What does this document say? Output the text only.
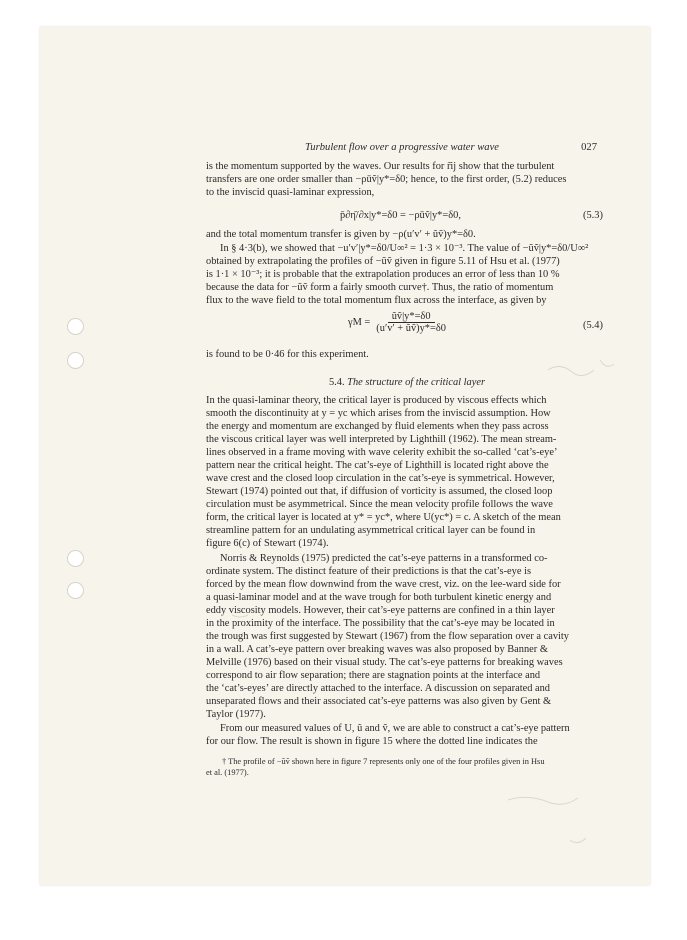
Turbulent flow over a progressive water wave	027

is the momentum supported by the waves. Our results for r̃ij show that the turbulent

transfers are one order smaller than −ρūṽ|y*=δ0; hence, to the first order, (5.2) reduces

to the inviscid quasi-laminar expression,

p̄∂η̄/∂x|y*=δ0 = −ρūṽ|y*=δ0,	(5.3)

and the total momentum transfer is given by −ρ(u′v′ + ũṽ)y*=δ0.

In § 4·3(b), we showed that −u′v′|y*=δ0/U∞² = 1·3 × 10⁻³. The value of −ũṽ|y*=δ0/U∞²

obtained by extrapolating the profiles of −ũṽ given in figure 5.11 of Hsu et al. (1977)

is 1·1 × 10⁻³; it is probable that the extrapolation produces an error of less than 10 %

because the data for −ũṽ form a fairly smooth curve†. Thus, the ratio of momentum

flux to the wave field to the total momentum flux across the interface, as given by

$\gamma M = \frac{\text{ũṽ|y*=δ0}}{\text{(u′v′ + ũṽ)y*=δ0}}$	(5.4)

is found to be 0·46 for this experiment.

5.4. The structure of the critical layer

In the quasi-laminar theory, the critical layer is produced by viscous effects which

smooth the discontinuity at y = yc which arises from the inviscid assumption. How

the energy and momentum are exchanged by fluid elements when they pass across

the viscous critical layer was well interpreted by Lighthill (1962). The mean stream-

lines observed in a frame moving with wave celerity exhibit the so-called ‘cat’s-eye’

pattern near the critical height. The cat’s-eye of Lighthill is located right above the

wave crest and the closed loop circulation in the cat’s-eye is symmetrical. However,

Stewart (1974) pointed out that, if diffusion of vorticity is assumed, the closed loop

circulation must be asymmetrical. Since the mean velocity profile follows the wave

form, the critical layer is located at y* = yc*, where U(yc*) = c. A sketch of the mean

streamline pattern for an undulating asymmetrical critical layer can be found in

figure 6(c) of Stewart (1974).

Norris & Reynolds (1975) predicted the cat’s-eye patterns in a transformed co-

ordinate system. The distinct feature of their predictions is that the cat’s-eye is

forced by the mean flow downwind from the wave crest, viz. on the lee-ward side for

a quasi-laminar model and at the wave trough for both turbulent kinetic energy and

eddy viscosity models. However, their cat’s-eye patterns are confined in a thin layer

in the proximity of the interface. The possibility that the cat’s-eye may be located in

the trough was first suggested by Stewart (1967) from the flow separation over a cavity

in a wall. A cat’s-eye pattern over breaking waves was also proposed by Banner &

Melville (1976) based on their visual study. The cat’s-eye patterns for breaking waves

correspond to air flow separation; there are stagnation points at the interface and

the ‘cat’s-eyes’ are directly attached to the interface. A discussion on separated and

unseparated flows and their associated cat’s-eye patterns was also given by Gent &

Taylor (1977).

From our measured values of U, ũ and ṽ, we are able to construct a cat’s-eye pattern

for our flow. The result is shown in figure 15 where the dotted line indicates the

† The profile of −ũṽ shown here in figure 7 represents only one of the four profiles given in Hsu
et al. (1977).
